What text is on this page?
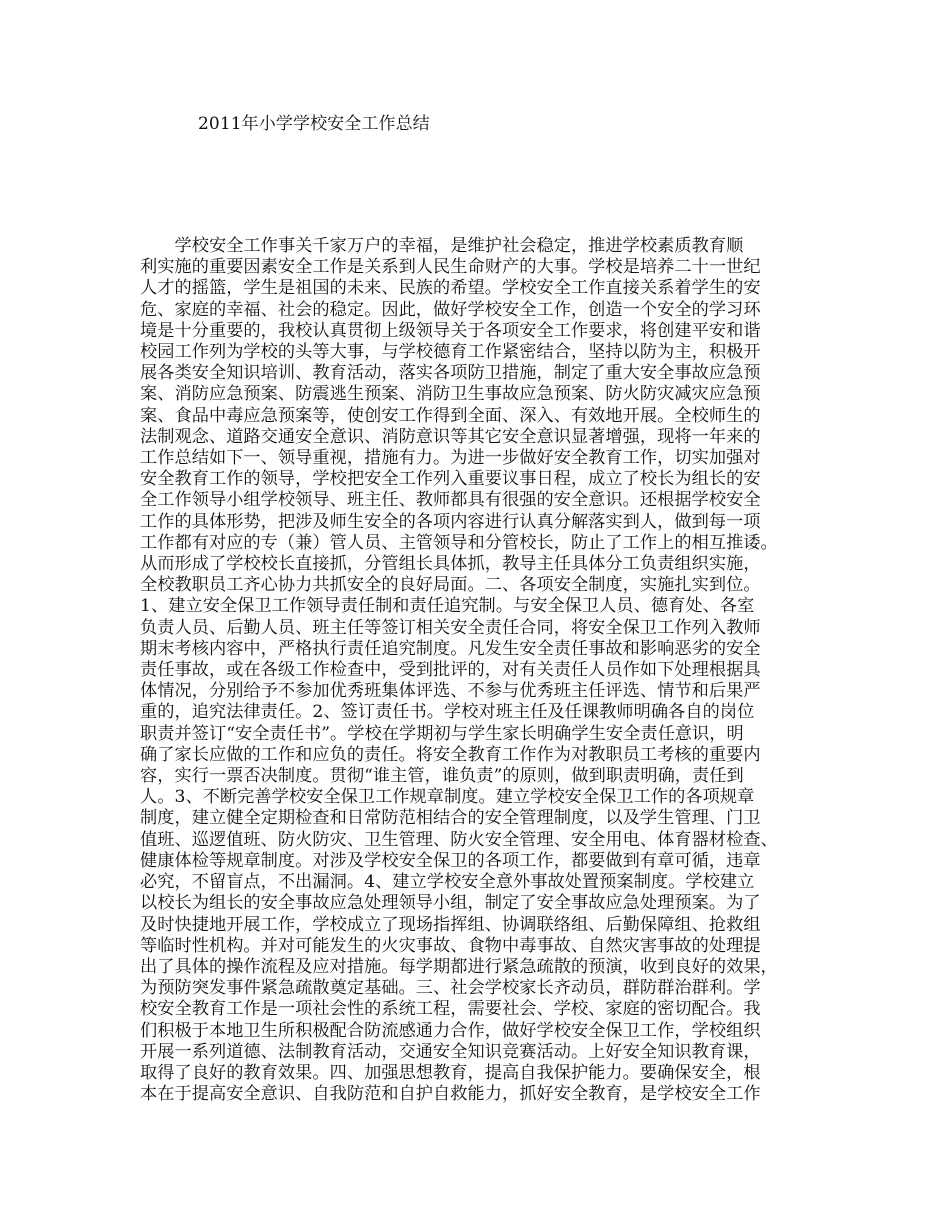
2011年小学学校安全工作总结
　　学校安全工作事关千家万户的幸福，是维护社会稳定，推进学校素质教育顺
利实施的重要因素安全工作是关系到人民生命财产的大事。学校是培养二十一世纪
人才的摇篮，学生是祖国的未来、民族的希望。学校安全工作直接关系着学生的安
危、家庭的幸福、社会的稳定。因此，做好学校安全工作，创造一个安全的学习环
境是十分重要的，我校认真贯彻上级领导关于各项安全工作要求，将创建平安和谐
校园工作列为学校的头等大事，与学校德育工作紧密结合，坚持以防为主，积极开
展各类安全知识培训、教育活动，落实各项防卫措施，制定了重大安全事故应急预
案、消防应急预案、防震逃生预案、消防卫生事故应急预案、防火防灾减灾应急预
案、食品中毒应急预案等，使创安工作得到全面、深入、有效地开展。全校师生的
法制观念、道路交通安全意识、消防意识等其它安全意识显著增强，现将一年来的
工作总结如下一、领导重视，措施有力。为进一步做好安全教育工作，切实加强对
安全教育工作的领导，学校把安全工作列入重要议事日程，成立了校长为组长的安
全工作领导小组学校领导、班主任、教师都具有很强的安全意识。还根据学校安全
工作的具体形势，把涉及师生安全的各项内容进行认真分解落实到人，做到每一项
工作都有对应的专（兼）管人员、主管领导和分管校长，防止了工作上的相互推诿。
从而形成了学校校长直接抓，分管组长具体抓，教导主任具体分工负责组织实施，
全校教职员工齐心协力共抓安全的良好局面。二、各项安全制度，实施扎实到位。
1、建立安全保卫工作领导责任制和责任追究制。与安全保卫人员、德育处、各室
负责人员、后勤人员、班主任等签订相关安全责任合同，将安全保卫工作列入教师
期末考核内容中，严格执行责任追究制度。凡发生安全责任事故和影响恶劣的安全
责任事故，或在各级工作检查中，受到批评的，对有关责任人员作如下处理根据具
体情况，分别给予不参加优秀班集体评选、不参与优秀班主任评选、情节和后果严
重的，追究法律责任。2、签订责任书。学校对班主任及任课教师明确各自的岗位
职责并签订“安全责任书”。学校在学期初与学生家长明确学生安全责任意识，明
确了家长应做的工作和应负的责任。将安全教育工作作为对教职员工考核的重要内
容，实行一票否决制度。贯彻“谁主管，谁负责”的原则，做到职责明确，责任到
人。3、不断完善学校安全保卫工作规章制度。建立学校安全保卫工作的各项规章
制度，建立健全定期检查和日常防范相结合的安全管理制度，以及学生管理、门卫
值班、巡逻值班、防火防灾、卫生管理、防火安全管理、安全用电、体育器材检查、
健康体检等规章制度。对涉及学校安全保卫的各项工作，都要做到有章可循，违章
必究，不留盲点，不出漏洞。4、建立学校安全意外事故处置预案制度。学校建立
以校长为组长的安全事故应急处理领导小组，制定了安全事故应急处理预案。为了
及时快捷地开展工作，学校成立了现场指挥组、协调联络组、后勤保障组、抢救组
等临时性机构。并对可能发生的火灾事故、食物中毒事故、自然灾害事故的处理提
出了具体的操作流程及应对措施。每学期都进行紧急疏散的预演，收到良好的效果，
为预防突发事件紧急疏散奠定基础。三、社会学校家长齐动员，群防群治群利。学
校安全教育工作是一项社会性的系统工程，需要社会、学校、家庭的密切配合。我
们积极于本地卫生所积极配合防流感通力合作，做好学校安全保卫工作，学校组织
开展一系列道德、法制教育活动，交通安全知识竞赛活动。上好安全知识教育课，
取得了良好的教育效果。四、加强思想教育，提高自我保护能力。要确保安全，根
本在于提高安全意识、自我防范和自护自救能力，抓好安全教育，是学校安全工作
